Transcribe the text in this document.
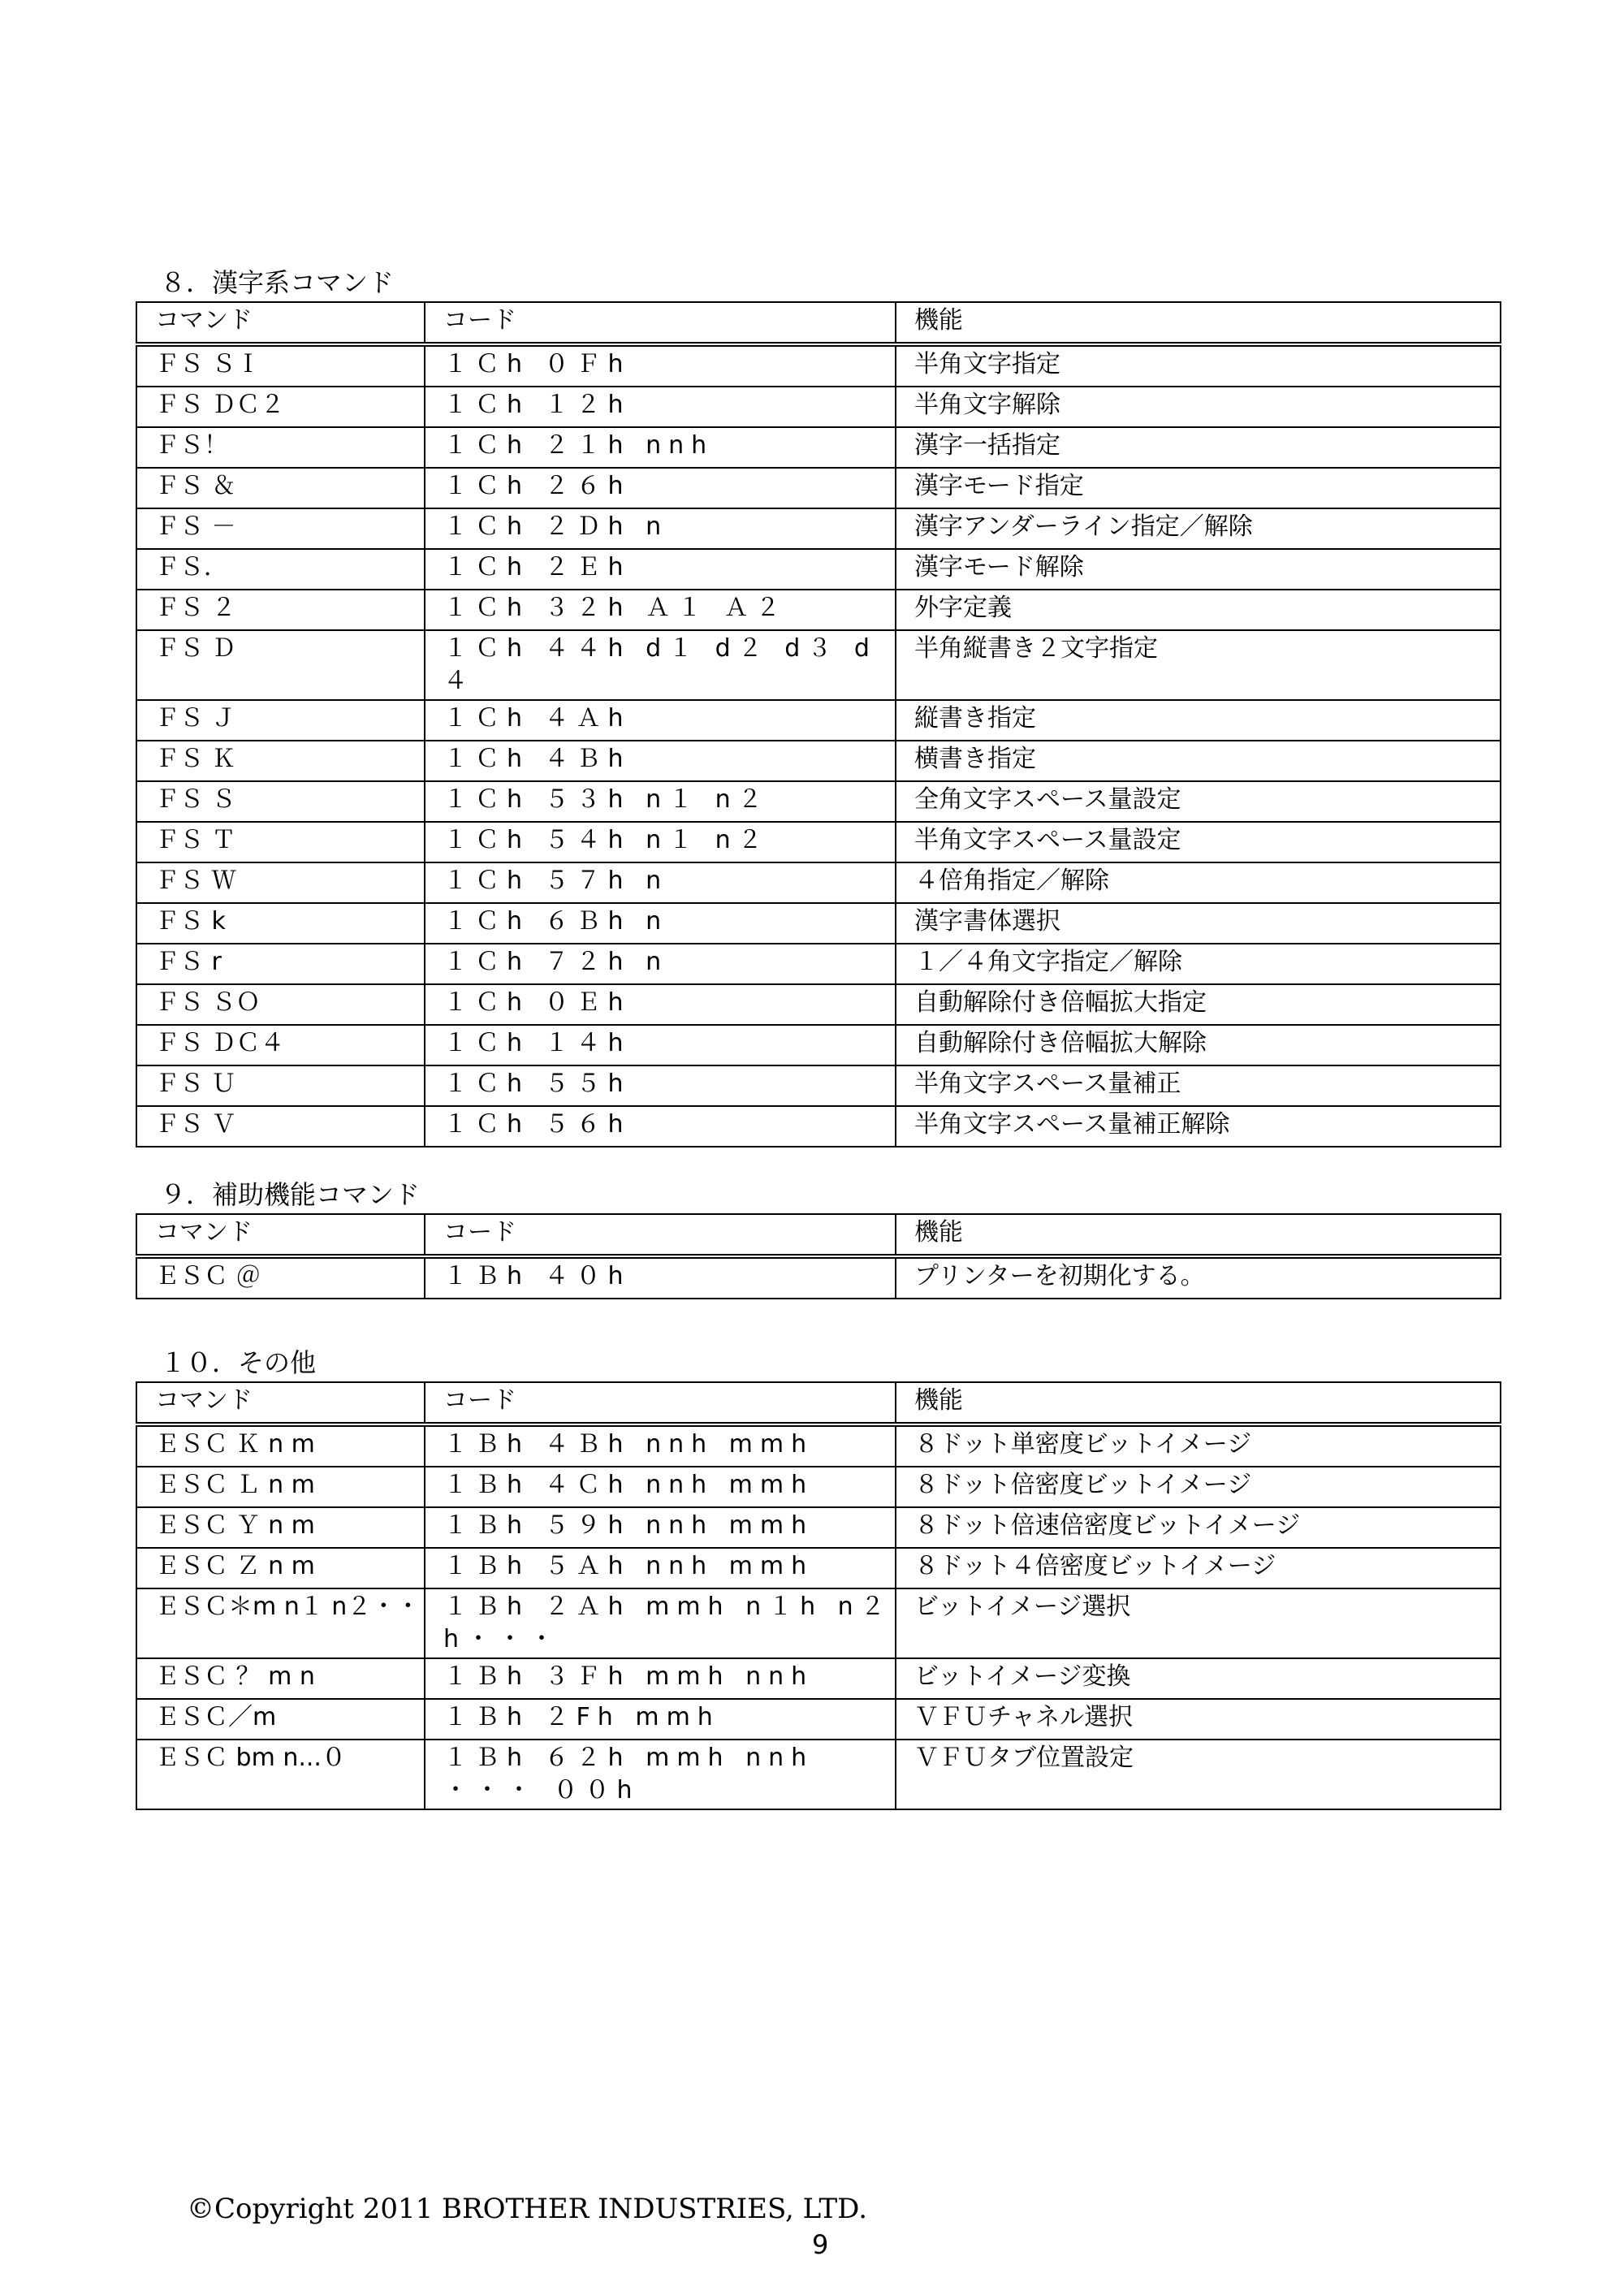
８．漢字系コマンド
コマンド	コード	機能
ＦＳ ＳＩ	１Ｃh ０Ｆh	半角文字指定
ＦＳ ＤＣ２	１Ｃh １２h	半角文字解除
ＦＳ！	１Ｃh ２１h nnh	漢字一括指定
ＦＳ ＆	１Ｃh ２６h	漢字モード指定
ＦＳ －	１Ｃh ２Ｄh n	漢字アンダーライン指定／解除
ＦＳ．	１Ｃh ２Ｅh	漢字モード解除
ＦＳ ２	１Ｃh ３２h Ａ１ Ａ２	外字定義
ＦＳ Ｄ	１Ｃh ４４h d１ d２ d３ d４	半角縦書き２文字指定
ＦＳ Ｊ	１Ｃh ４Ａh	縦書き指定
ＦＳ Ｋ	１Ｃh ４Ｂh	横書き指定
ＦＳ Ｓ	１Ｃh ５３h n１ n２	全角文字スペース量設定
ＦＳ Ｔ	１Ｃh ５４h n１ n２	半角文字スペース量設定
ＦＳ Ｗ	１Ｃh ５７h n	４倍角指定／解除
ＦＳ k	１Ｃh ６Ｂh n	漢字書体選択
ＦＳ r	１Ｃh ７２h n	１／４角文字指定／解除
ＦＳ ＳＯ	１Ｃh ０Ｅh	自動解除付き倍幅拡大指定
ＦＳ ＤＣ４	１Ｃh １４h	自動解除付き倍幅拡大解除
ＦＳ Ｕ	１Ｃh ５５h	半角文字スペース量補正
ＦＳ Ｖ	１Ｃh ５６h	半角文字スペース量補正解除
９．補助機能コマンド
コマンド	コード	機能
ＥＳＣ ＠	１Ｂh ４０h	プリンターを初期化する。
１０．その他
コマンド	コード	機能
ＥＳＣ Ｋ n m	１Ｂh ４Ｂh nnh mmh	８ドット単密度ビットイメージ
ＥＳＣ Ｌ n m	１Ｂh ４Ｃh nnh mmh	８ドット倍密度ビットイメージ
ＥＳＣ Ｙ n m	１Ｂh ５９h nnh mmh	８ドット倍速倍密度ビットイメージ
ＥＳＣ Ｚ n m	１Ｂh ５Ａh nnh mmh	８ドット４倍密度ビットイメージ
ＥＳＣ＊m n１ n２・・	１Ｂh ２Ａh mmh n１h n２h・・・	ビットイメージ選択
ＥＳＣ ？ m n	１Ｂh ３Ｆh mmh nnh	ビットイメージ変換
ＥＳＣ／m	１Ｂh ２Fh mmh	ＶＦＵチャネル選択
ＥＳＣ bm n...０	１Ｂh ６２h mmh nnh ・・・ ００h	ＶＦＵタブ位置設定
©Copyright 2011 BROTHER INDUSTRIES, LTD.
9
